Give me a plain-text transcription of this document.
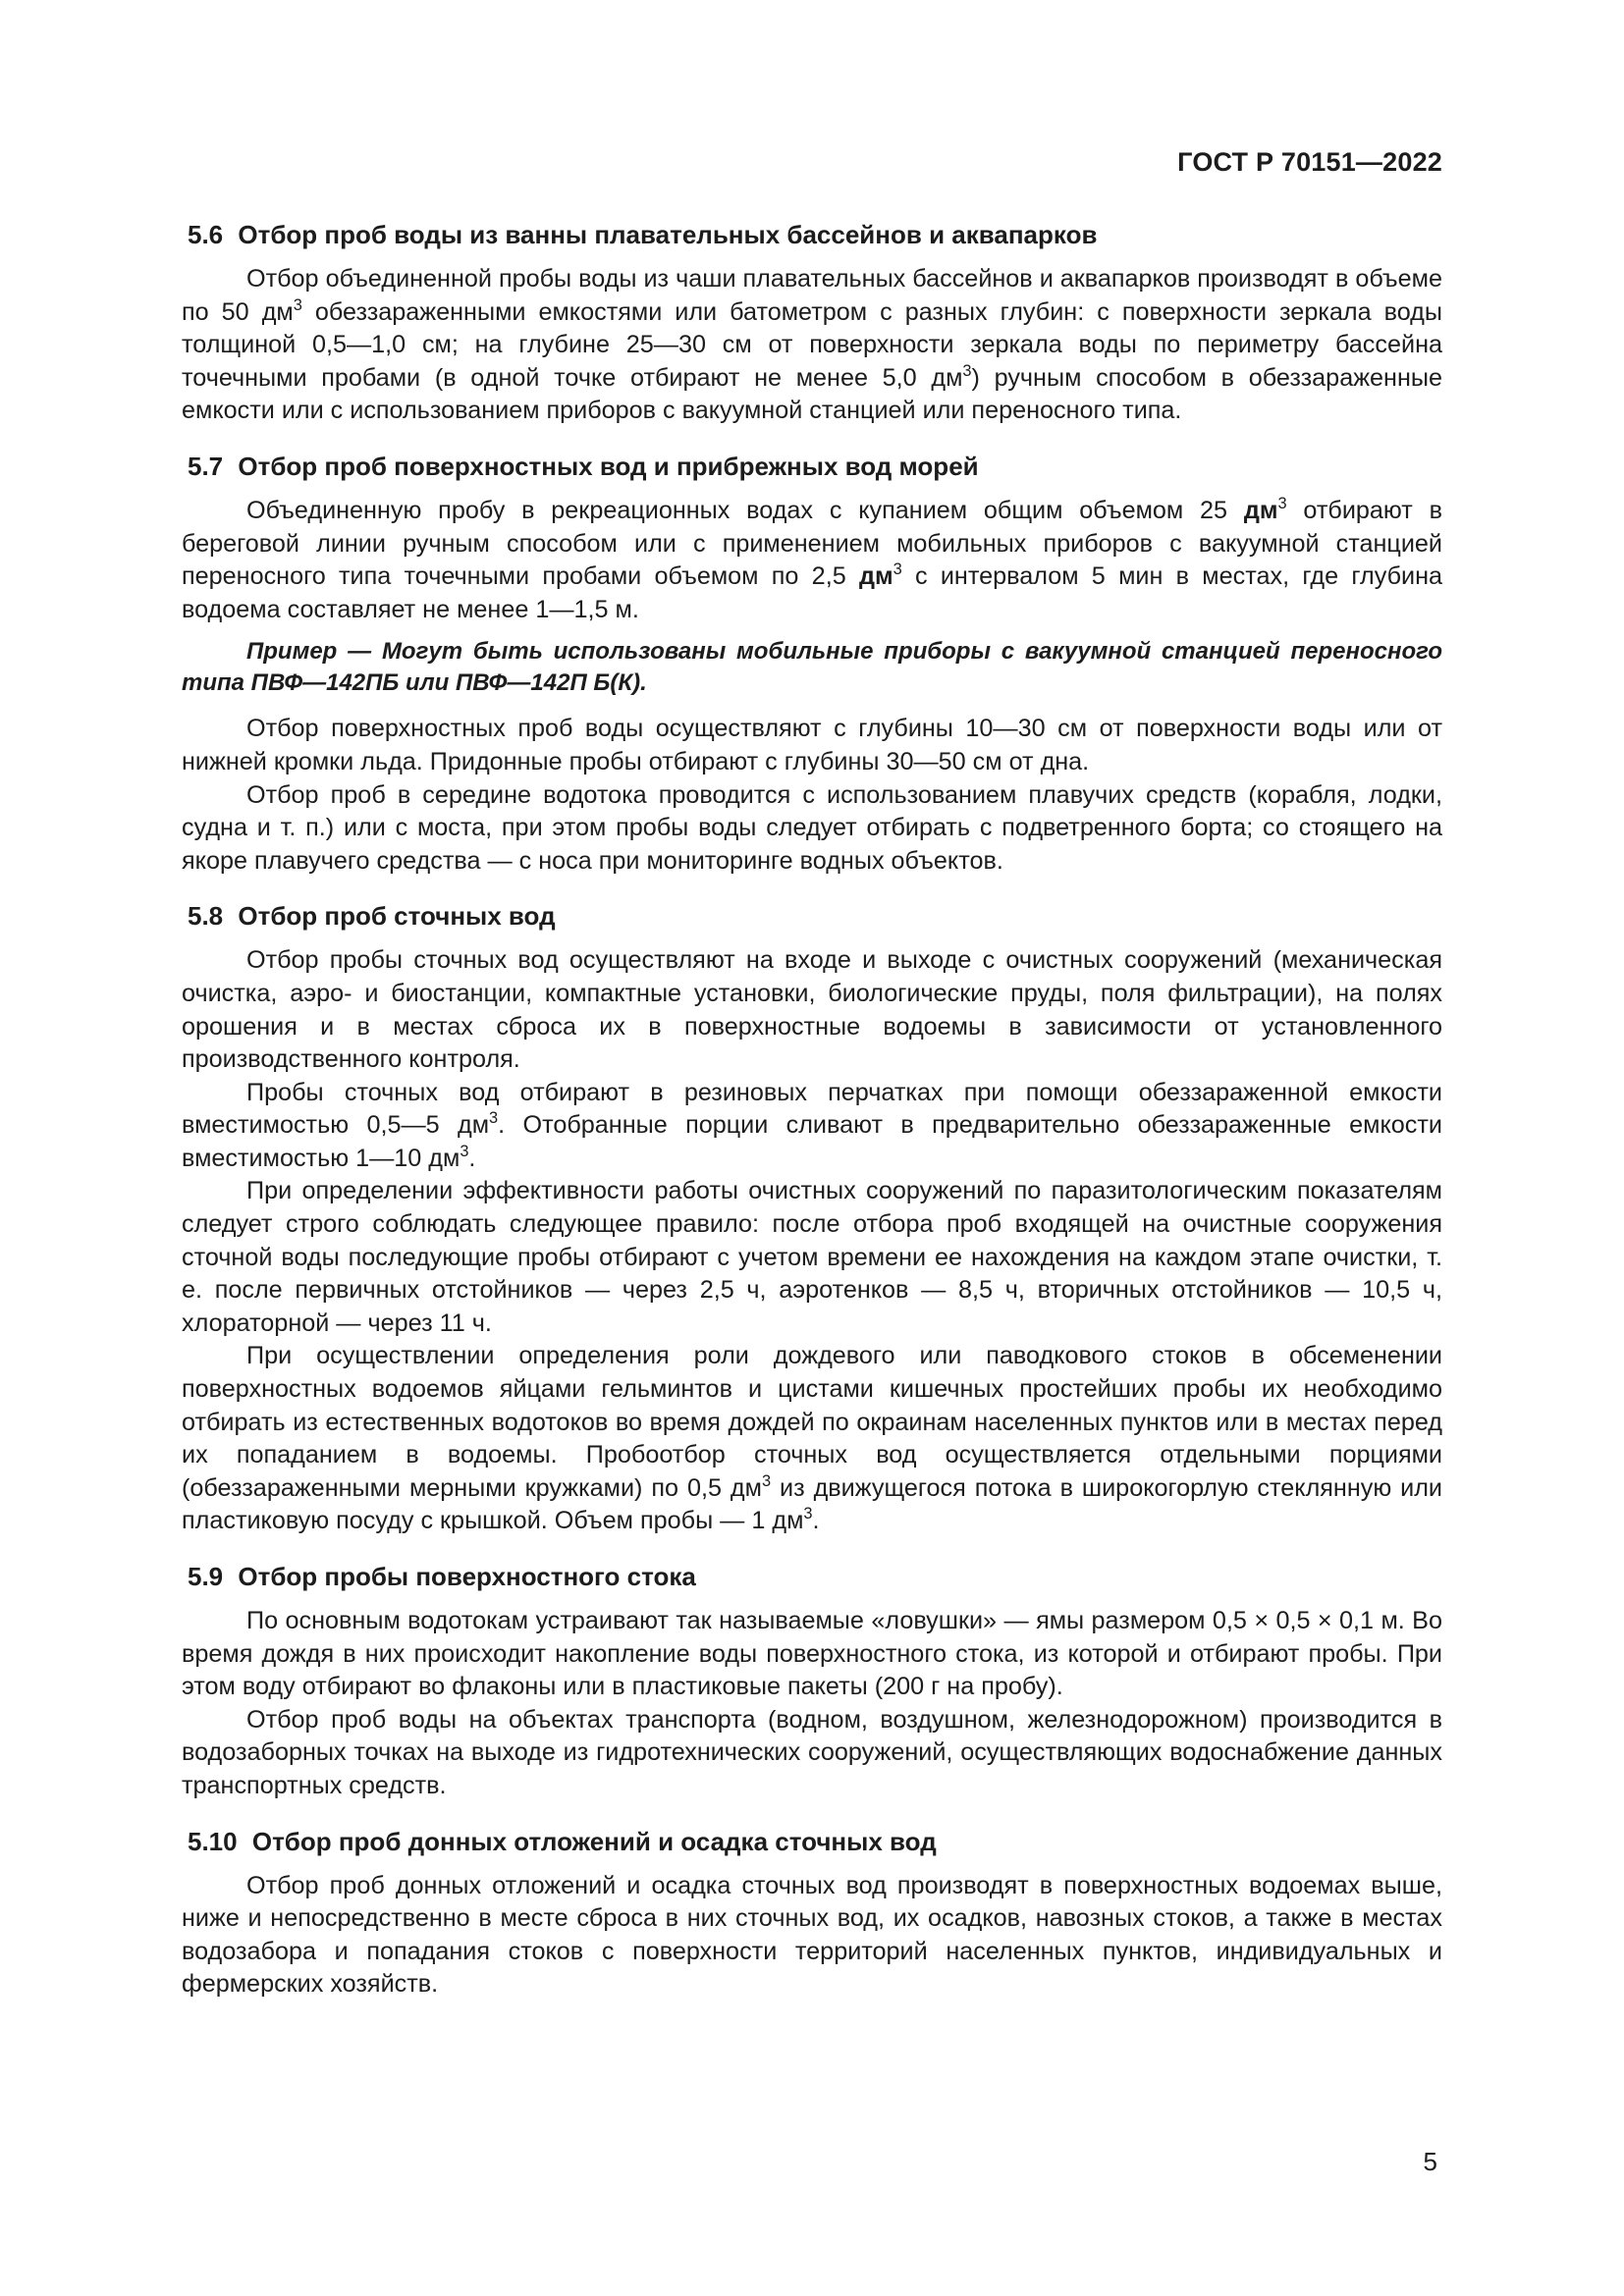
ГОСТ Р 70151—2022
5.6 Отбор проб воды из ванны плавательных бассейнов и аквапарков

Отбор объединенной пробы воды из чаши плавательных бассейнов и аквапарков производят в объеме по 50 $дм^3$ обеззараженными емкостями или батометром с разных глубин: с поверхности зеркала воды толщиной 0,5—1,0 см; на глубине 25—30 см от поверхности зеркала воды по периметру бассейна точечными пробами (в одной точке отбирают не менее 5,0 $дм^3$) ручным способом в обеззараженные емкости или с использованием приборов с вакуумной станцией или переносного типа.

5.7 Отбор проб поверхностных вод и прибрежных вод морей

Объединенную пробу в рекреационных водах с купанием общим объемом 25 $дм^3$ отбирают в береговой линии ручным способом или с применением мобильных приборов с вакуумной станцией переносного типа точечными пробами объемом по 2,5 $дм^3$ с интервалом 5 мин в местах, где глубина водоема составляет не менее 1—1,5 м.

Пример — Могут быть использованы мобильные приборы с вакуумной станцией переносного типа ПВФ—142ПБ или ПВФ—142П Б(К).

Отбор поверхностных проб воды осуществляют с глубины 10—30 см от поверхности воды или от нижней кромки льда. Придонные пробы отбирают с глубины 30—50 см от дна.

Отбор проб в середине водотока проводится с использованием плавучих средств (корабля, лодки, судна и т. п.) или с моста, при этом пробы воды следует отбирать с подветренного борта; со стоящего на якоре плавучего средства — с носа при мониторинге водных объектов.

5.8 Отбор проб сточных вод

Отбор пробы сточных вод осуществляют на входе и выходе с очистных сооружений (механическая очистка, аэро- и биостанции, компактные установки, биологические пруды, поля фильтрации), на полях орошения и в местах сброса их в поверхностные водоемы в зависимости от установленного производственного контроля.

Пробы сточных вод отбирают в резиновых перчатках при помощи обеззараженной емкости вместимостью 0,5—5 $дм^3$. Отобранные порции сливают в предварительно обеззараженные емкости вместимостью 1—10 $дм^3$.

При определении эффективности работы очистных сооружений по паразитологическим показателям следует строго соблюдать следующее правило: после отбора проб входящей на очистные сооружения сточной воды последующие пробы отбирают с учетом времени ее нахождения на каждом этапе очистки, т. е. после первичных отстойников — через 2,5 ч, аэротенков — 8,5 ч, вторичных отстойников — 10,5 ч, хлораторной — через 11 ч.

При осуществлении определения роли дождевого или паводкового стоков в обсеменении поверхностных водоемов яйцами гельминтов и цистами кишечных простейших пробы их необходимо отбирать из естественных водотоков во время дождей по окраинам населенных пунктов или в местах перед их попаданием в водоемы. Пробоотбор сточных вод осуществляется отдельными порциями (обеззараженными мерными кружками) по 0,5 $дм^3$ из движущегося потока в широкогорлую стеклянную или пластиковую посуду с крышкой. Объем пробы — 1 $дм^3$.

5.9 Отбор пробы поверхностного стока

По основным водотокам устраивают так называемые «ловушки» — ямы размером 0,5 × 0,5 × 0,1 м. Во время дождя в них происходит накопление воды поверхностного стока, из которой и отбирают пробы. При этом воду отбирают во флаконы или в пластиковые пакеты (200 г на пробу).

Отбор проб воды на объектах транспорта (водном, воздушном, железнодорожном) производится в водозаборных точках на выходе из гидротехнических сооружений, осуществляющих водоснабжение данных транспортных средств.

5.10 Отбор проб донных отложений и осадка сточных вод

Отбор проб донных отложений и осадка сточных вод производят в поверхностных водоемах выше, ниже и непосредственно в месте сброса в них сточных вод, их осадков, навозных стоков, а также в местах водозабора и попадания стоков с поверхности территорий населенных пунктов, индивидуальных и фермерских хозяйств.

5
